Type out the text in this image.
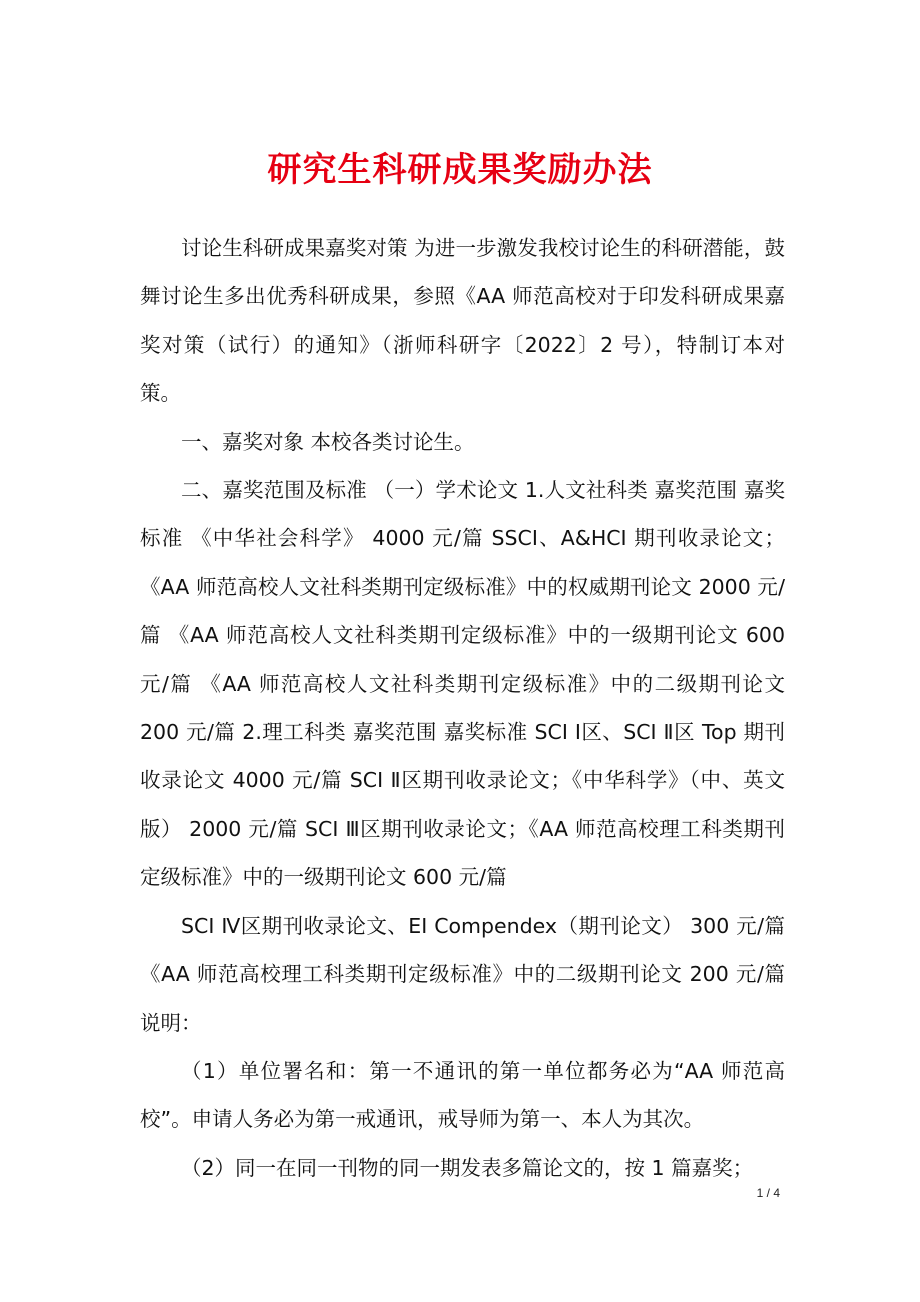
研究生科研成果奖励办法

讨论生科研成果嘉奖对策 为进一步激发我校讨论生的科研潜能，鼓舞讨论生多出优秀科研成果，参照《AA 师范高校对于印发科研成果嘉奖对策（试行）的通知》（浙师科研字〔2022〕2 号），特制订本对策。

一、嘉奖对象 本校各类讨论生。

二、嘉奖范围及标准 （一）学术论文 1.人文社科类 嘉奖范围 嘉奖标准 《中华社会科学》 4000 元/篇 SSCI、A&HCI 期刊收录论文；《AA 师范高校人文社科类期刊定级标准》中的权威期刊论文 2000 元/篇 《AA 师范高校人文社科类期刊定级标准》中的一级期刊论文 600 元/篇 《AA 师范高校人文社科类期刊定级标准》中的二级期刊论文 200 元/篇 2.理工科类 嘉奖范围 嘉奖标准 SCI Ⅰ区、SCI Ⅱ区 Top 期刊收录论文 4000 元/篇 SCI Ⅱ区期刊收录论文；《中华科学》（中、英文版） 2000 元/篇 SCI Ⅲ区期刊收录论文；《AA 师范高校理工科类期刊定级标准》中的一级期刊论文 600 元/篇

SCI Ⅳ区期刊收录论文、EI Compendex（期刊论文） 300 元/篇 《AA 师范高校理工科类期刊定级标准》中的二级期刊论文 200 元/篇 说明：

（1）单位署名和：第一不通讯的第一单位都务必为“AA 师范高校”。申请人务必为第一戒通讯，戒导师为第一、本人为其次。

（2）同一在同一刊物的同一期发表多篇论文的，按 1 篇嘉奖；

1 / 4
